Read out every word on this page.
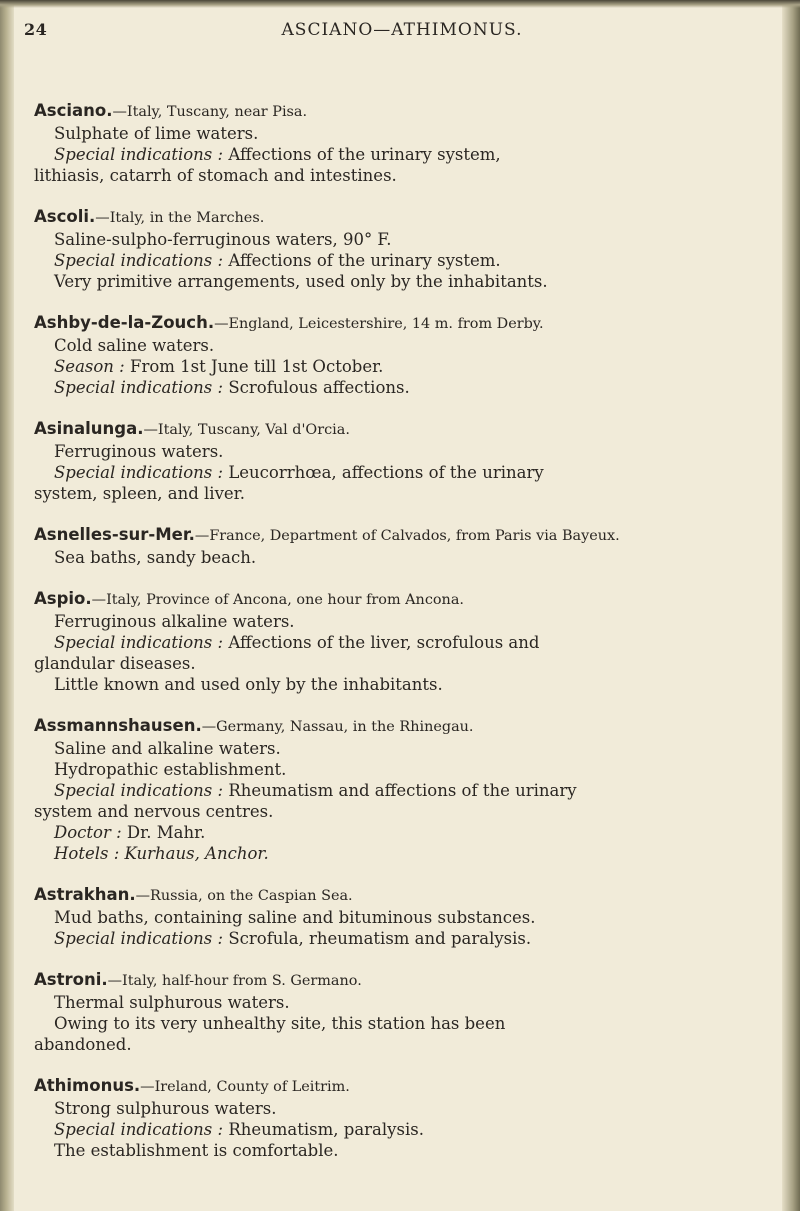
24	ASCIANO—ATHIMONUS.

Asciano.—Italy, Tuscany, near Pisa.

Sulphate of lime waters.

Special indications : Affections of the urinary system,

lithiasis, catarrh of stomach and intestines.

Ascoli.—Italy, in the Marches.

Saline-sulpho-ferruginous waters, 90° F.

Special indications : Affections of the urinary system.

Very primitive arrangements, used only by the inhabitants.

Ashby-de-la-Zouch.—England, Leicestershire, 14 m. from Derby.

Cold saline waters.

Season : From 1st June till 1st October.

Special indications : Scrofulous affections.

Asinalunga.—Italy, Tuscany, Val d'Orcia.

Ferruginous waters.

Special indications : Leucorrhœa, affections of the urinary

system, spleen, and liver.

Asnelles-sur-Mer.—France, Department of Calvados, from Paris via Bayeux.

Sea baths, sandy beach.

Aspio.—Italy, Province of Ancona, one hour from Ancona.

Ferruginous alkaline waters.

Special indications : Affections of the liver, scrofulous and

glandular diseases.

Little known and used only by the inhabitants.

Assmannshausen.—Germany, Nassau, in the Rhinegau.

Saline and alkaline waters.

Hydropathic establishment.

Special indications : Rheumatism and affections of the urinary

system and nervous centres.

Doctor : Dr. Mahr.

Hotels : Kurhaus, Anchor.

Astrakhan.—Russia, on the Caspian Sea.

Mud baths, containing saline and bituminous substances.

Special indications : Scrofula, rheumatism and paralysis.

Astroni.—Italy, half-hour from S. Germano.

Thermal sulphurous waters.

Owing to its very unhealthy site, this station has been

abandoned.

Athimonus.—Ireland, County of Leitrim.

Strong sulphurous waters.

Special indications : Rheumatism, paralysis.

The establishment is comfortable.
